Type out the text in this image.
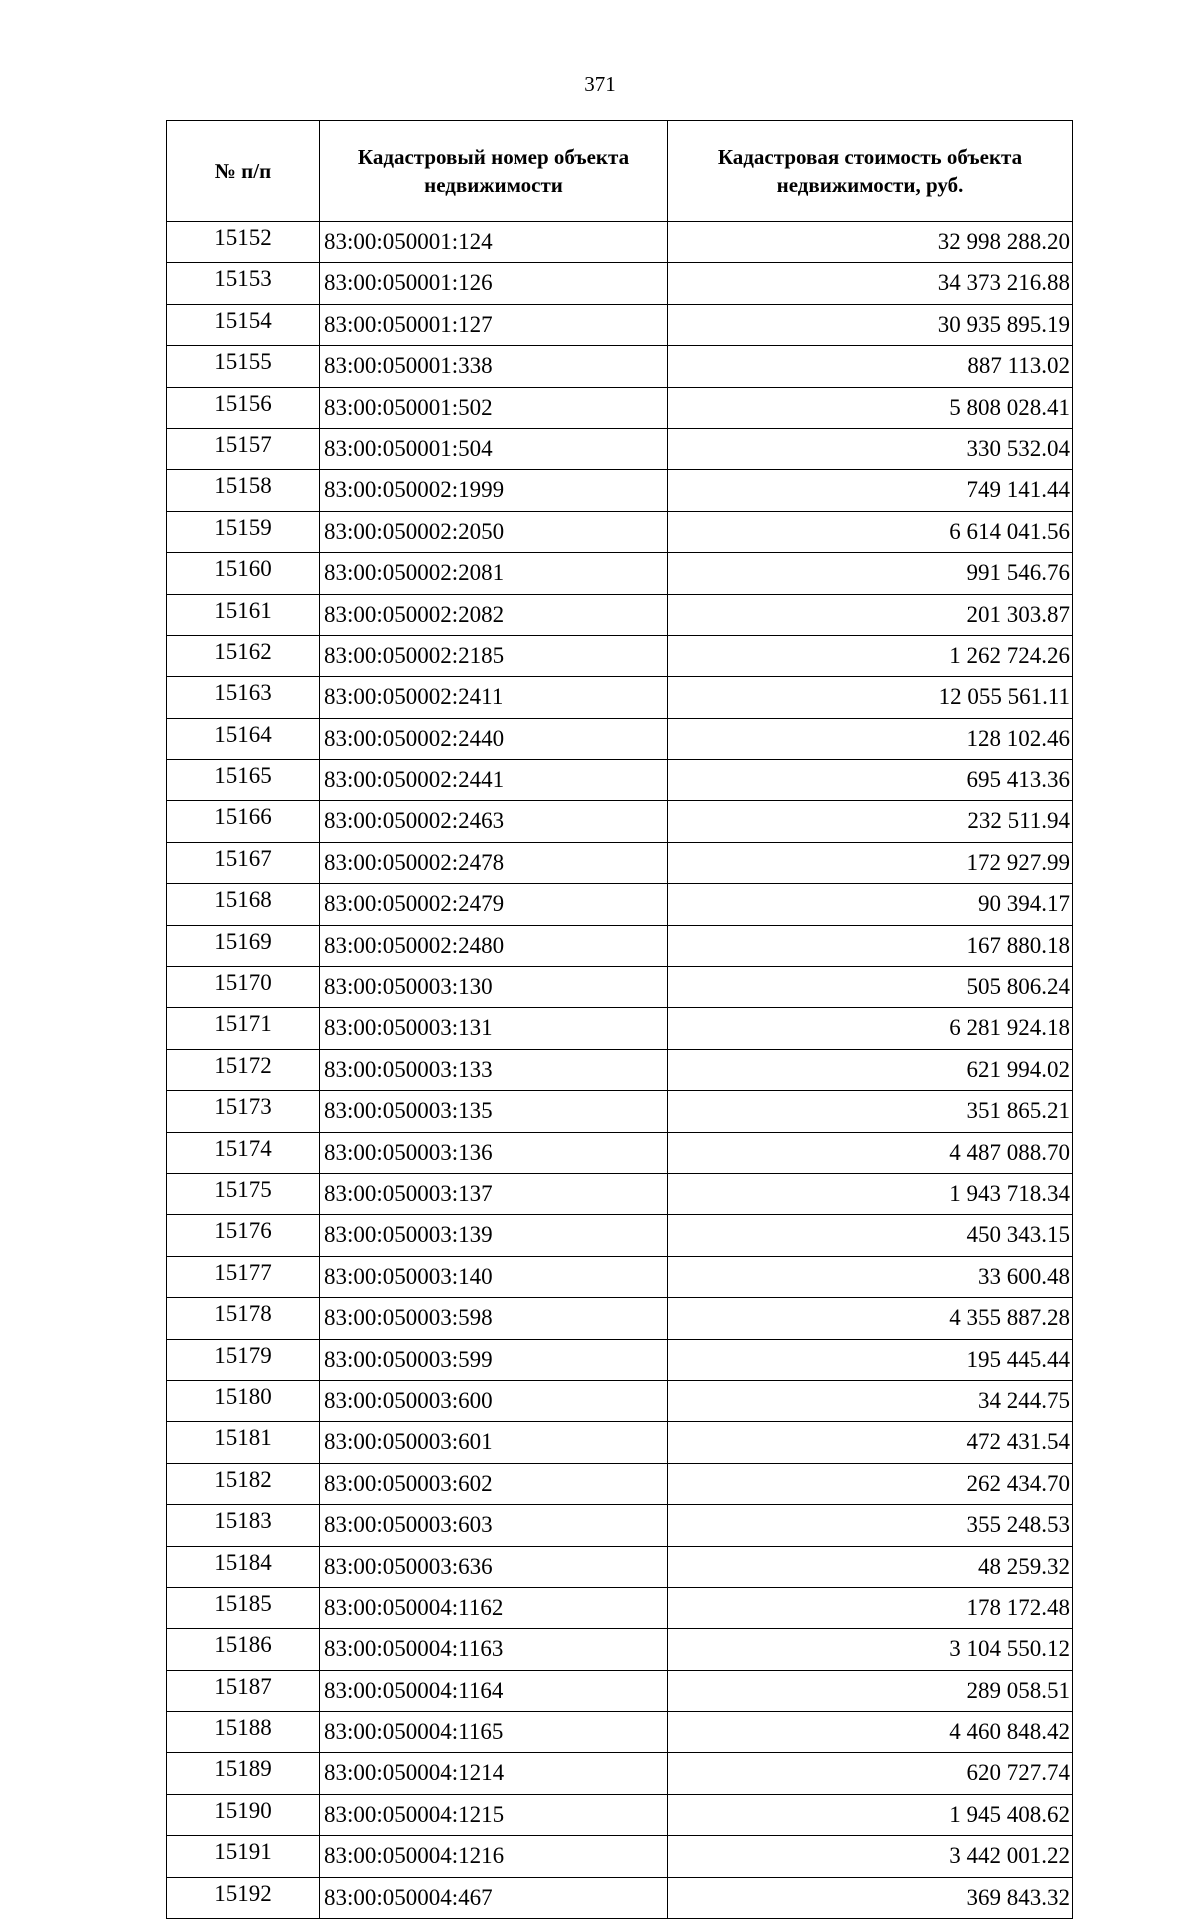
371
№ п/п	Кадастровый номер объекта недвижимости	Кадастровая стоимость объекта недвижимости, руб.
15152	83:00:050001:124	32 998 288.20
15153	83:00:050001:126	34 373 216.88
15154	83:00:050001:127	30 935 895.19
15155	83:00:050001:338	887 113.02
15156	83:00:050001:502	5 808 028.41
15157	83:00:050001:504	330 532.04
15158	83:00:050002:1999	749 141.44
15159	83:00:050002:2050	6 614 041.56
15160	83:00:050002:2081	991 546.76
15161	83:00:050002:2082	201 303.87
15162	83:00:050002:2185	1 262 724.26
15163	83:00:050002:2411	12 055 561.11
15164	83:00:050002:2440	128 102.46
15165	83:00:050002:2441	695 413.36
15166	83:00:050002:2463	232 511.94
15167	83:00:050002:2478	172 927.99
15168	83:00:050002:2479	90 394.17
15169	83:00:050002:2480	167 880.18
15170	83:00:050003:130	505 806.24
15171	83:00:050003:131	6 281 924.18
15172	83:00:050003:133	621 994.02
15173	83:00:050003:135	351 865.21
15174	83:00:050003:136	4 487 088.70
15175	83:00:050003:137	1 943 718.34
15176	83:00:050003:139	450 343.15
15177	83:00:050003:140	33 600.48
15178	83:00:050003:598	4 355 887.28
15179	83:00:050003:599	195 445.44
15180	83:00:050003:600	34 244.75
15181	83:00:050003:601	472 431.54
15182	83:00:050003:602	262 434.70
15183	83:00:050003:603	355 248.53
15184	83:00:050003:636	48 259.32
15185	83:00:050004:1162	178 172.48
15186	83:00:050004:1163	3 104 550.12
15187	83:00:050004:1164	289 058.51
15188	83:00:050004:1165	4 460 848.42
15189	83:00:050004:1214	620 727.74
15190	83:00:050004:1215	1 945 408.62
15191	83:00:050004:1216	3 442 001.22
15192	83:00:050004:467	369 843.32
